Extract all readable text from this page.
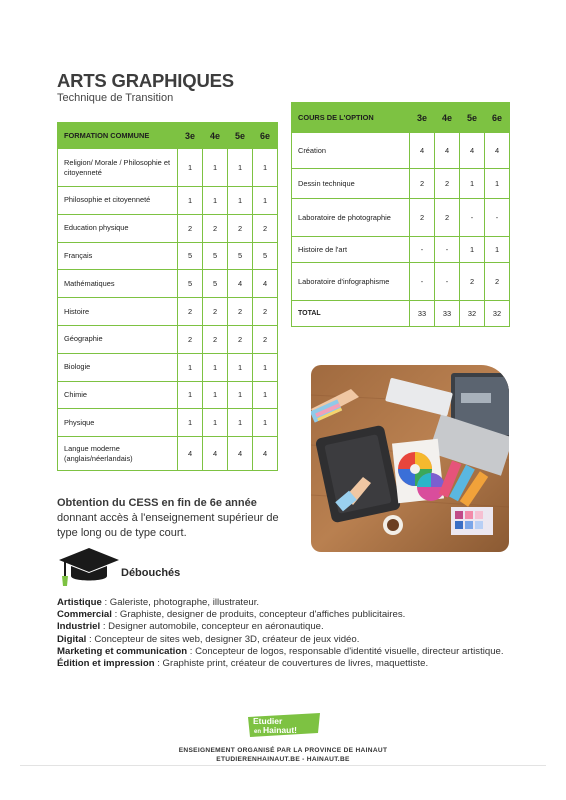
ARTS GRAPHIQUES
Technique de Transition
FORMATION COMMUNE	3e	4e	5e	6e
Religion/ Morale / Philosophie et citoyenneté	1	1	1	1
Philosophie et citoyenneté	1	1	1	1
Education physique	2	2	2	2
Français	5	5	5	5
Mathématiques	5	5	4	4
Histoire	2	2	2	2
Géographie	2	2	2	2
Biologie	1	1	1	1
Chimie	1	1	1	1
Physique	1	1	1	1
Langue moderne (anglais/néerlandais)	4	4	4	4
COURS DE L'OPTION	3e	4e	5e	6e
Création	4	4	4	4
Dessin technique	2	2	1	1
Laboratoire de photographie	2	2	-	-
Histoire de l'art	-	-	1	1
Laboratoire d'infographisme	-	-	2	2
TOTAL	33	33	32	32
Obtention du CESS en fin de 6e année
donnant accès à l'enseignement supérieur de type long ou de type court.
Débouchés
Artistique : Galeriste, photographe, illustrateur.
Commercial : Graphiste, designer de produits, concepteur d'affiches publicitaires.
Industriel : Designer automobile, concepteur en aéronautique.
Digital : Concepteur de sites web, designer 3D, créateur de jeux vidéo.
Marketing et communication : Concepteur de logos, responsable d'identité visuelle, directeur artistique.
Édition et impression : Graphiste print, créateur de couvertures de livres, maquettiste.
Etudier
en Hainaut!
ENSEIGNEMENT ORGANISÉ PAR LA PROVINCE DE HAINAUT
ETUDIERENHAINAUT.BE - HAINAUT.BE
